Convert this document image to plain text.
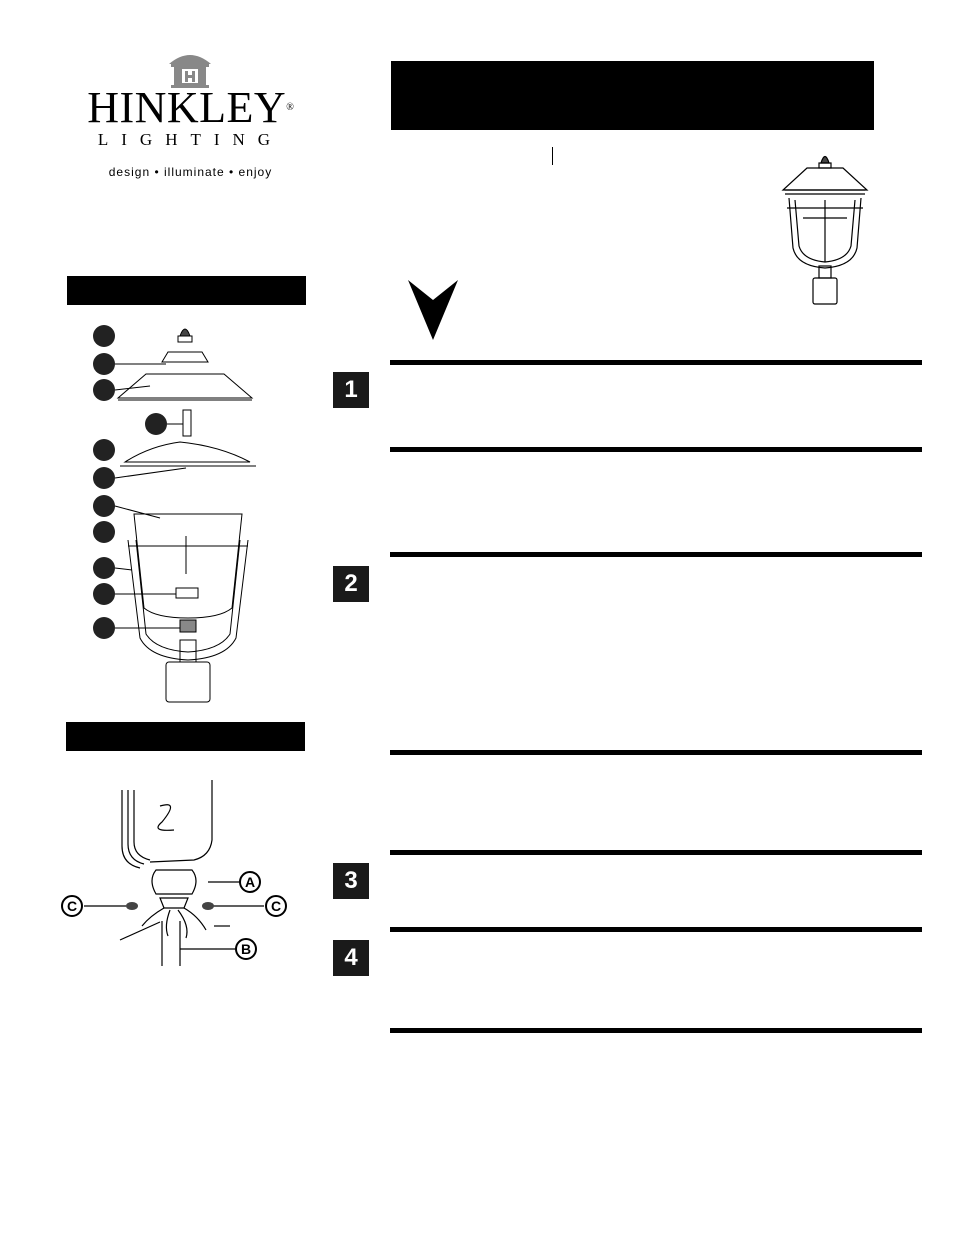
HINKLEY®
LIGHTING
design • illuminate • enjoy
A
B
C	C
1
2
3
4
